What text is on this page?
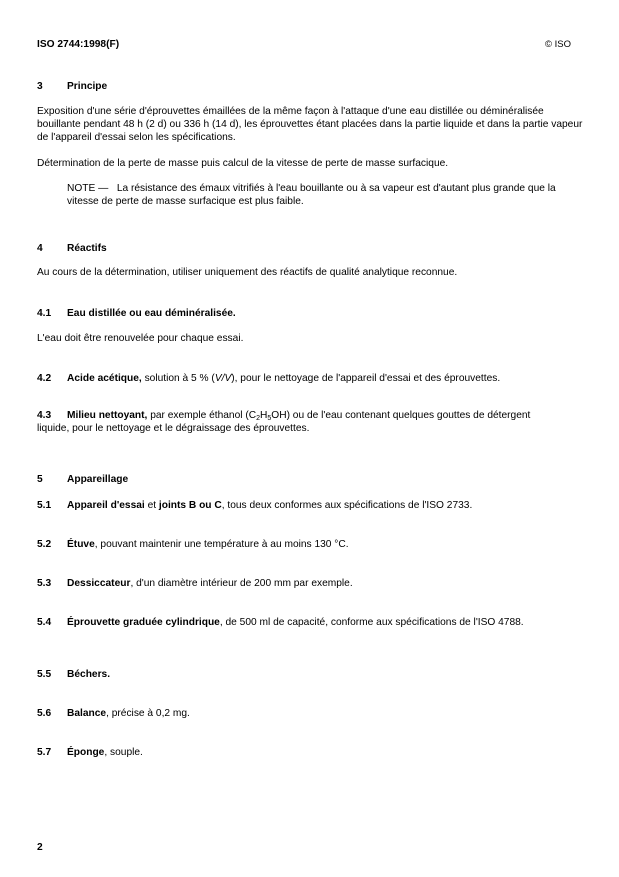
ISO 2744:1998(F)	© ISO
3 Principe

Exposition d'une série d'éprouvettes émaillées de la même façon à l'attaque d'une eau distillée ou déminéralisée bouillante pendant 48 h (2 d) ou 336 h (14 d), les éprouvettes étant placées dans la partie liquide et dans la partie vapeur de l'appareil d'essai selon les spécifications.

Détermination de la perte de masse puis calcul de la vitesse de perte de masse surfacique.

NOTE — La résistance des émaux vitrifiés à l'eau bouillante ou à sa vapeur est d'autant plus grande que la vitesse de perte de masse surfacique est plus faible.

4 Réactifs

Au cours de la détermination, utiliser uniquement des réactifs de qualité analytique reconnue.

4.1 Eau distillée ou eau déminéralisée.

L'eau doit être renouvelée pour chaque essai.

4.2 Acide acétique, solution à 5 % (V/V), pour le nettoyage de l'appareil d'essai et des éprouvettes.

4.3 Milieu nettoyant, par exemple éthanol $(C_2H_5OH)$ ou de l'eau contenant quelques gouttes de détergent liquide, pour le nettoyage et le dégraissage des éprouvettes.

5 Appareillage

5.1 Appareil d'essai et joints B ou C, tous deux conformes aux spécifications de l'ISO 2733.

5.2 Étuve, pouvant maintenir une température à au moins 130 °C.

5.3 Dessiccateur, d'un diamètre intérieur de 200 mm par exemple.

5.4 Éprouvette graduée cylindrique, de 500 ml de capacité, conforme aux spécifications de l'ISO 4788.

5.5 Béchers.

5.6 Balance, précise à 0,2 mg.

5.7 Éponge, souple.

2
